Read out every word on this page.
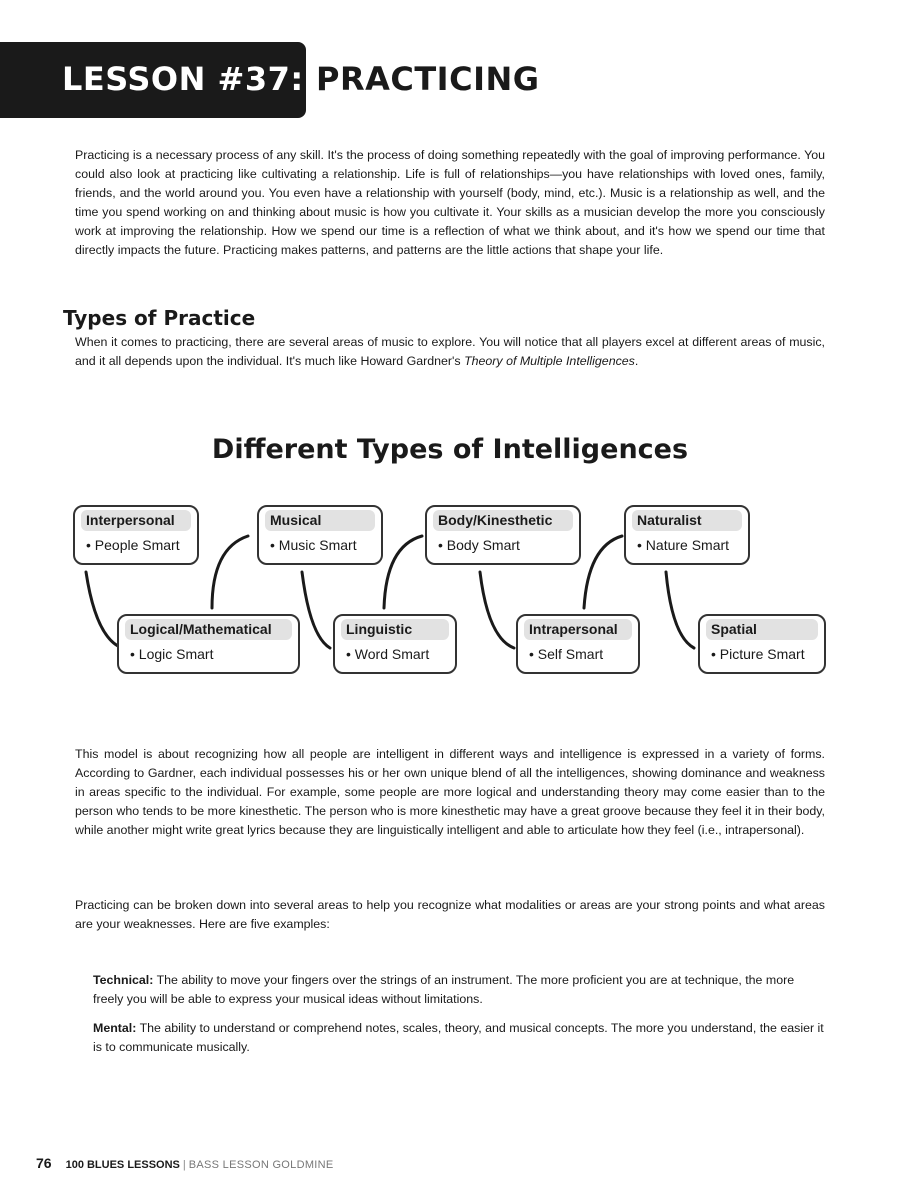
LESSON #37: PRACTICING

Practicing is a necessary process of any skill. It's the process of doing something repeatedly with the goal of improving performance. You could also look at practicing like cultivating a relationship. Life is full of relationships—you have relationships with loved ones, family, friends, and the world around you. You even have a relationship with yourself (body, mind, etc.). Music is a relationship as well, and the time you spend working on and thinking about music is how you cultivate it. Your skills as a musician develop the more you consciously work at improving the relationship. How we spend our time is a reflection of what we think about, and it's how we spend our time that directly impacts the future. Practicing makes patterns, and patterns are the little actions that shape your life.

Types of Practice

When it comes to practicing, there are several areas of music to explore. You will notice that all players excel at different areas of music, and it all depends upon the individual. It's much like Howard Gardner's Theory of Multiple Intelligences.

Different Types of Intelligences
Interpersonal
• People Smart
Logical/Mathematical
• Logic Smart
Musical
• Music Smart
Linguistic
• Word Smart
Body/Kinesthetic
• Body Smart
Intrapersonal
• Self Smart
Naturalist
• Nature Smart
Spatial
• Picture Smart

This model is about recognizing how all people are intelligent in different ways and intelligence is expressed in a variety of forms. According to Gardner, each individual possesses his or her own unique blend of all the intelligences, showing dominance and weakness in areas specific to the individual. For example, some people are more logical and understanding theory may come easier than to the person who tends to be more kinesthetic. The person who is more kinesthetic may have a great groove because they feel it in their body, while another might write great lyrics because they are linguistically intelligent and able to articulate how they feel (i.e., intrapersonal).

Practicing can be broken down into several areas to help you recognize what modalities or areas are your strong points and what areas are your weaknesses. Here are five examples:

Technical: The ability to move your fingers over the strings of an instrument. The more proficient you are at technique, the more freely you will be able to express your musical ideas without limitations.

Mental: The ability to understand or comprehend notes, scales, theory, and musical concepts. The more you understand, the easier it is to communicate musically.

76 100 BLUES LESSONS | BASS LESSON GOLDMINE
